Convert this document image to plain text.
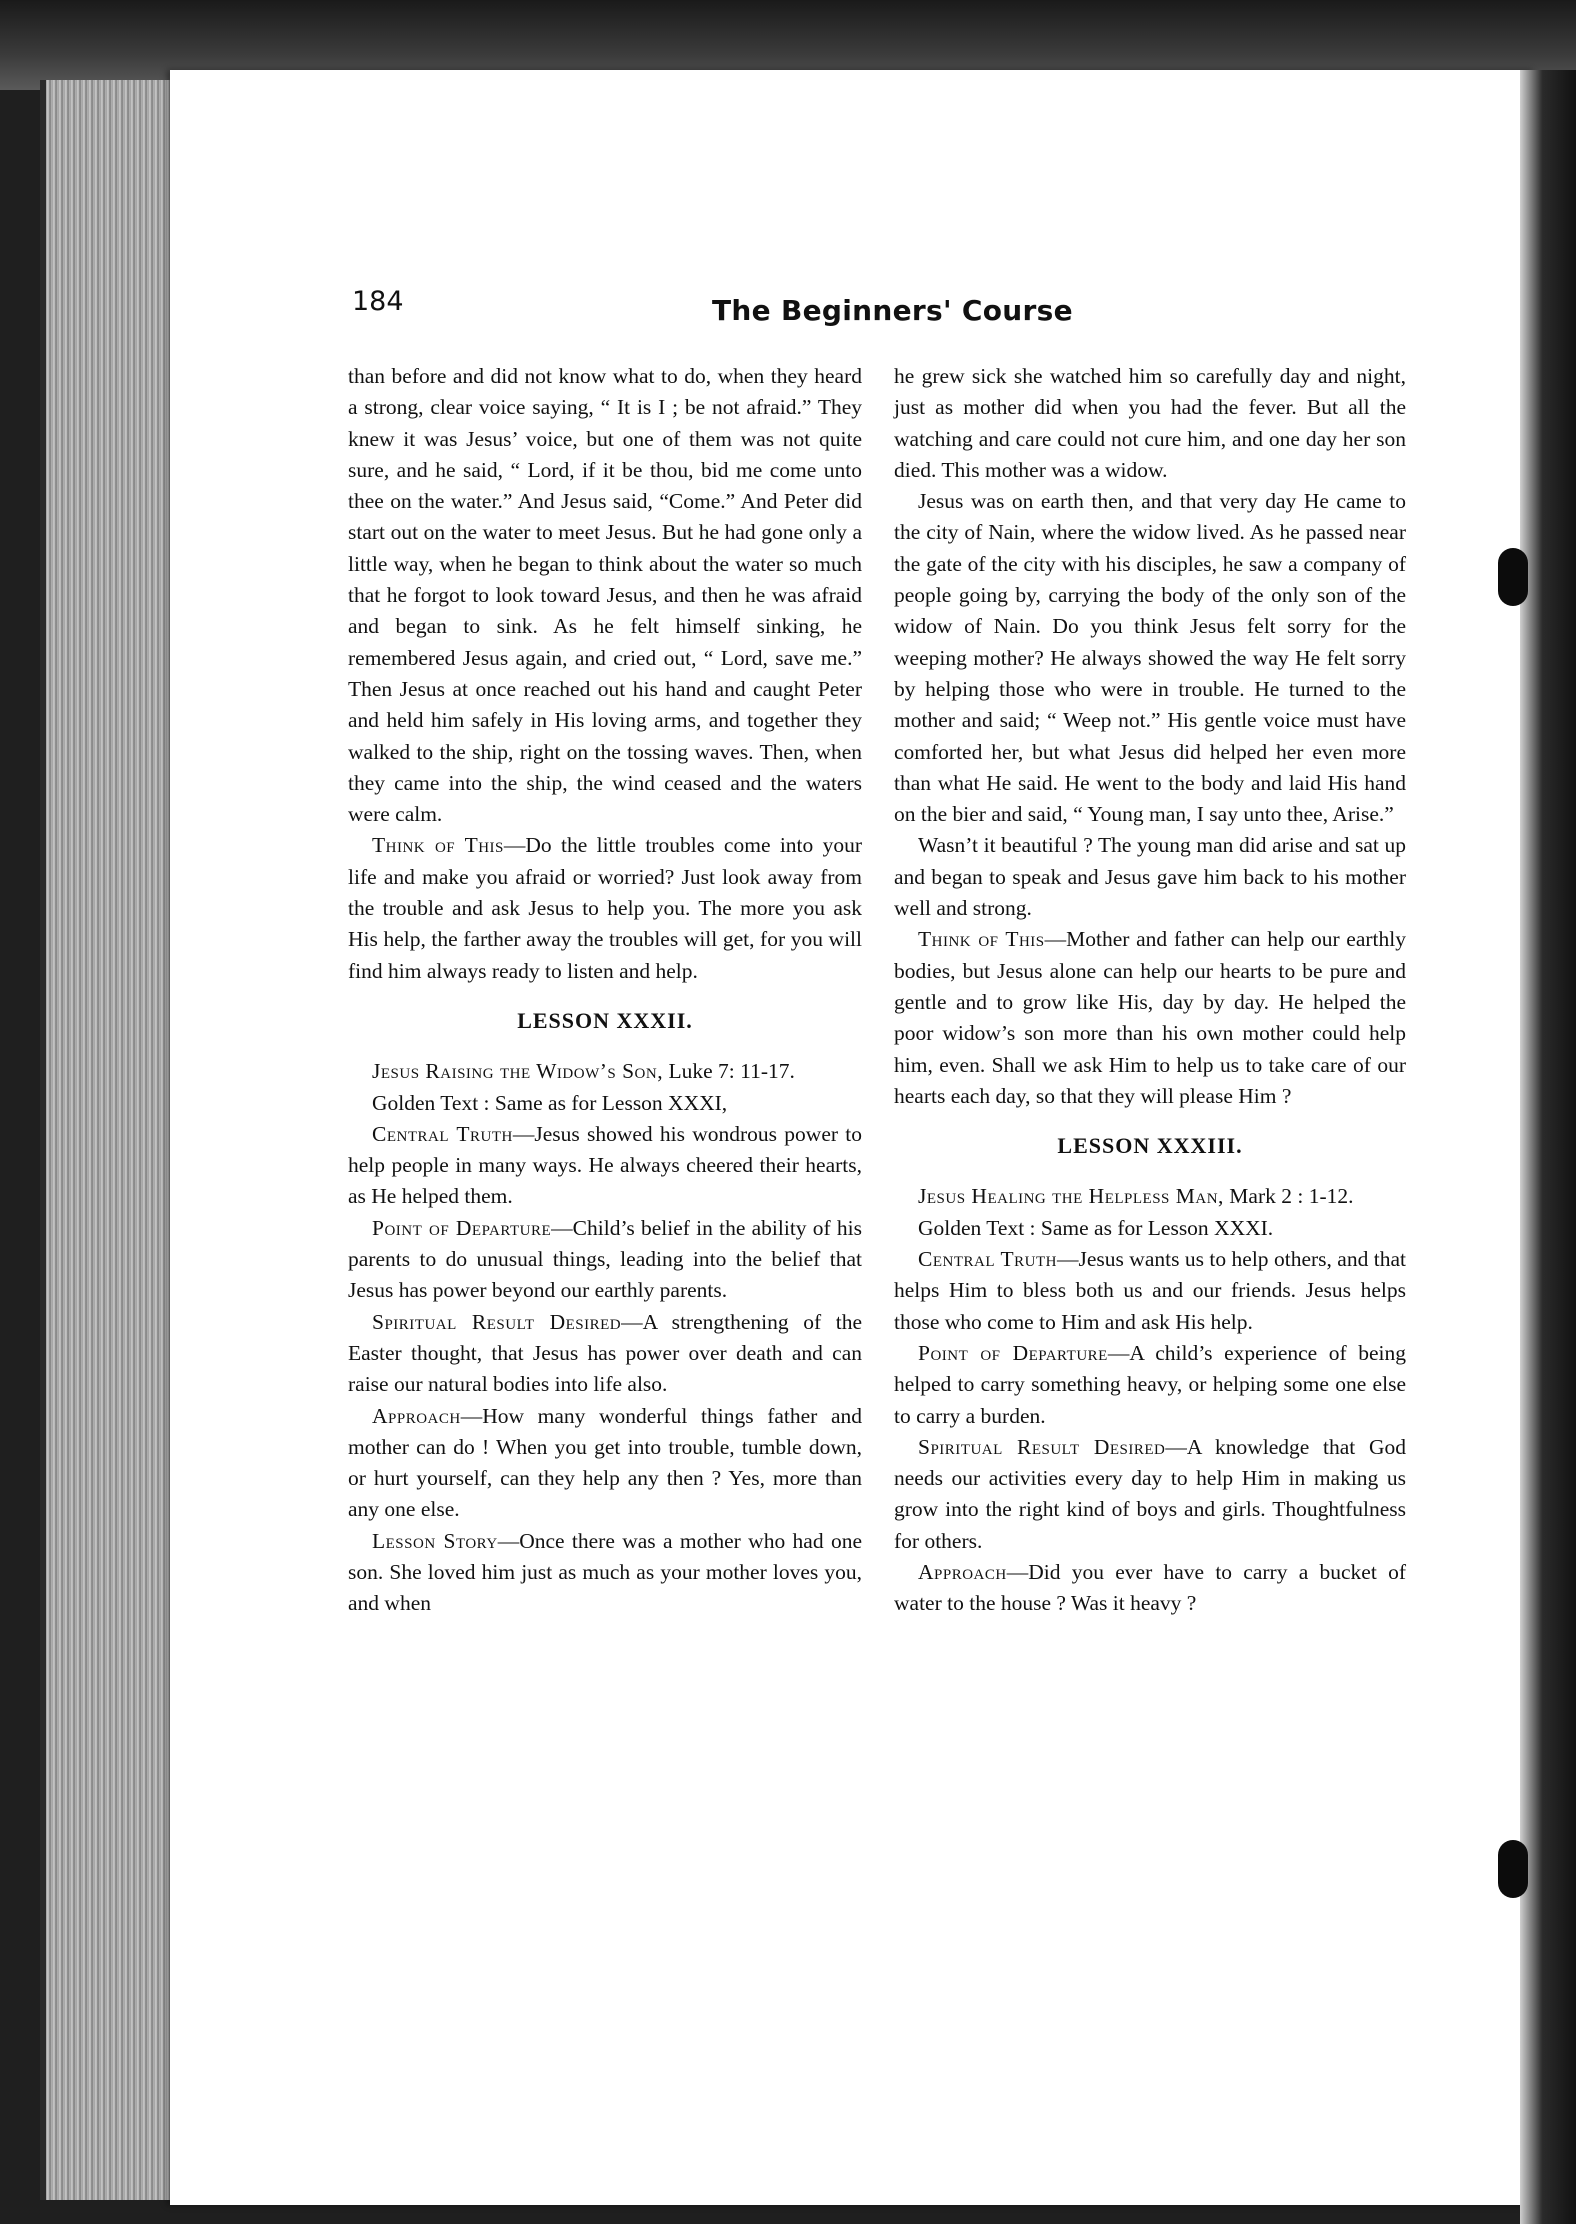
184	The Beginners' Course

than before and did not know what to do, when they heard a strong, clear voice saying, “ It is I ; be not afraid.” They knew it was Jesus’ voice, but one of them was not quite sure, and he said, “ Lord, if it be thou, bid me come unto thee on the water.” And Jesus said, “Come.” And Peter did start out on the water to meet Jesus. But he had gone only a little way, when he began to think about the water so much that he forgot to look toward Jesus, and then he was afraid and began to sink. As he felt himself sinking, he remembered Jesus again, and cried out, “ Lord, save me.” Then Jesus at once reached out his hand and caught Peter and held him safely in His loving arms, and together they walked to the ship, right on the tossing waves. Then, when they came into the ship, the wind ceased and the waters were calm.

Think of This—Do the little troubles come into your life and make you afraid or worried? Just look away from the trouble and ask Jesus to help you. The more you ask His help, the farther away the troubles will get, for you will find him always ready to listen and help.

LESSON XXXII.

Jesus Raising the Widow’s Son, Luke 7: 11-17.

Golden Text : Same as for Lesson XXXI,

Central Truth—Jesus showed his wondrous power to help people in many ways. He always cheered their hearts, as He helped them.

Point of Departure—Child’s belief in the ability of his parents to do unusual things, leading into the belief that Jesus has power beyond our earthly parents.

Spiritual Result Desired—A strengthening of the Easter thought, that Jesus has power over death and can raise our natural bodies into life also.

Approach—How many wonderful things father and mother can do ! When you get into trouble, tumble down, or hurt yourself, can they help any then ? Yes, more than any one else.

Lesson Story—Once there was a mother who had one son. She loved him just as much as your mother loves you, and when

he grew sick she watched him so carefully day and night, just as mother did when you had the fever. But all the watching and care could not cure him, and one day her son died. This mother was a widow.

Jesus was on earth then, and that very day He came to the city of Nain, where the widow lived. As he passed near the gate of the city with his disciples, he saw a company of people going by, carrying the body of the only son of the widow of Nain. Do you think Jesus felt sorry for the weeping mother? He always showed the way He felt sorry by helping those who were in trouble. He turned to the mother and said; “ Weep not.” His gentle voice must have comforted her, but what Jesus did helped her even more than what He said. He went to the body and laid His hand on the bier and said, “ Young man, I say unto thee, Arise.”

Wasn’t it beautiful ? The young man did arise and sat up and began to speak and Jesus gave him back to his mother well and strong.

Think of This—Mother and father can help our earthly bodies, but Jesus alone can help our hearts to be pure and gentle and to grow like His, day by day. He helped the poor widow’s son more than his own mother could help him, even. Shall we ask Him to help us to take care of our hearts each day, so that they will please Him ?

LESSON XXXIII.

Jesus Healing the Helpless Man, Mark 2 : 1-12.

Golden Text : Same as for Lesson XXXI.

Central Truth—Jesus wants us to help others, and that helps Him to bless both us and our friends. Jesus helps those who come to Him and ask His help.

Point of Departure—A child’s experience of being helped to carry something heavy, or helping some one else to carry a burden.

Spiritual Result Desired—A knowledge that God needs our activities every day to help Him in making us grow into the right kind of boys and girls. Thoughtfulness for others.

Approach—Did you ever have to carry a bucket of water to the house ? Was it heavy ?
